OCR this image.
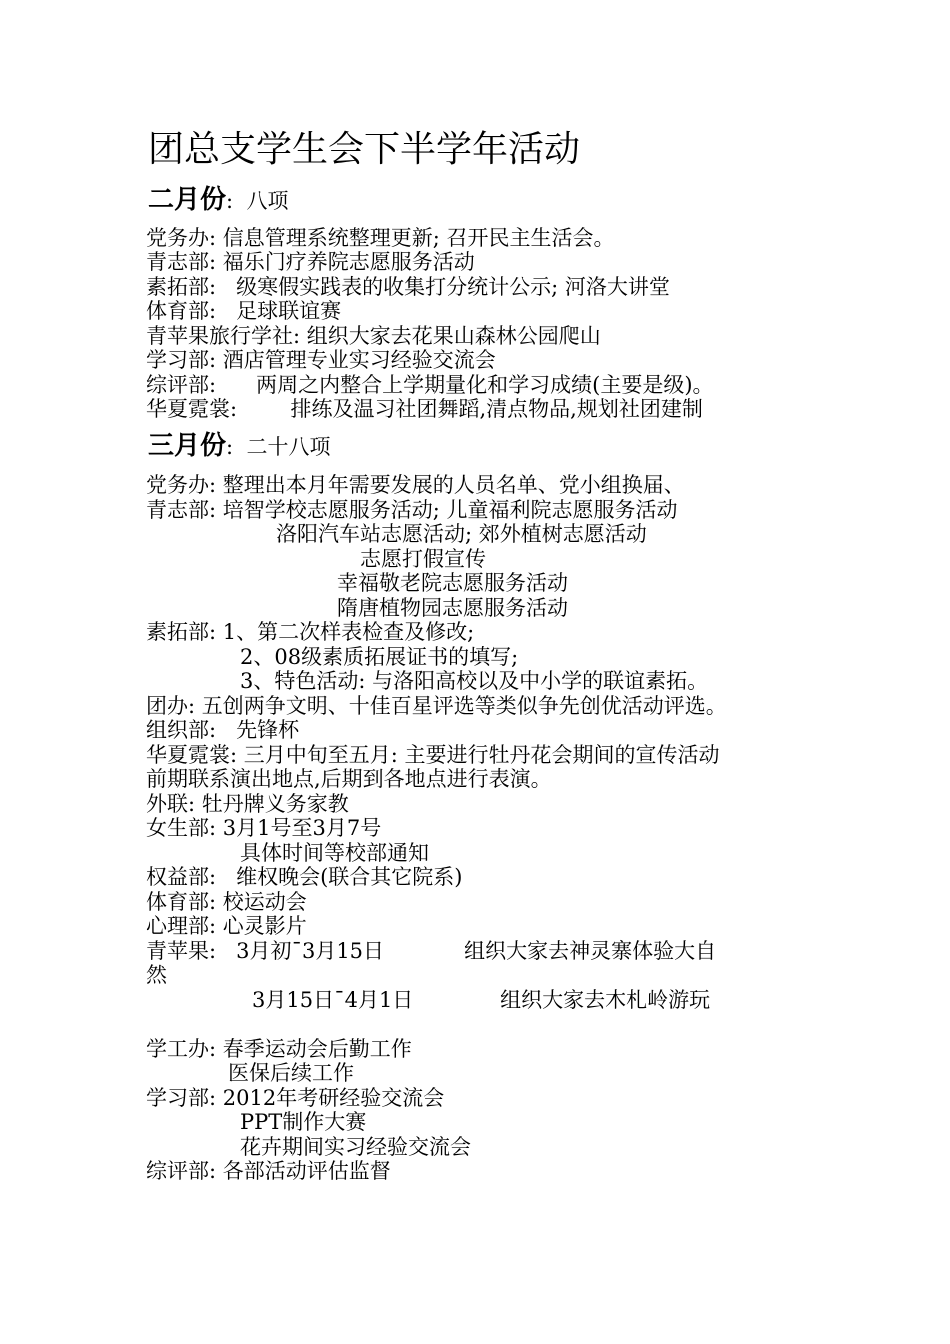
团总支学生会下半学年活动
二月份:  八项
党务办: 信息管理系统整理更新; 召开民主生活会。
青志部: 福乐门疗养院志愿服务活动
素拓部:   级寒假实践表的收集打分统计公示; 河洛大讲堂
体育部:   足球联谊赛
青苹果旅行学社: 组织大家去花果山森林公园爬山
学习部: 酒店管理专业实习经验交流会
综评部:      两周之内整合上学期量化和学习成绩(主要是级)。
华夏霓裳:        排练及温习社团舞蹈,清点物品,规划社团建制
三月份:  二十八项
党务办: 整理出本月年需要发展的人员名单、党小组换届、
青志部: 培智学校志愿服务活动; 儿童福利院志愿服务活动
洛阳汽车站志愿活动; 郊外植树志愿活动
志愿打假宣传
幸福敬老院志愿服务活动
隋唐植物园志愿服务活动
素拓部: 1、第二次样表检查及修改;
2、08级素质拓展证书的填写;
3、特色活动: 与洛阳高校以及中小学的联谊素拓。
团办: 五创两争文明、十佳百星评选等类似争先创优活动评选。
组织部:   先锋杯
华夏霓裳: 三月中旬至五月: 主要进行牡丹花会期间的宣传活动
前期联系演出地点,后期到各地点进行表演。
外联: 牡丹牌义务家教
女生部: 3月1号至3月7号
具体时间等校部通知
权益部:   维权晚会(联合其它院系)
体育部: 校运动会
心理部: 心灵影片
青苹果:   3月初¯3月15日            组织大家去神灵寨体验大自
然
3月15日¯4月1日             组织大家去木札岭游玩
学工办: 春季运动会后勤工作
医保后续工作
学习部: 2012年考研经验交流会
PPT制作大赛
花卉期间实习经验交流会
综评部: 各部活动评估监督
